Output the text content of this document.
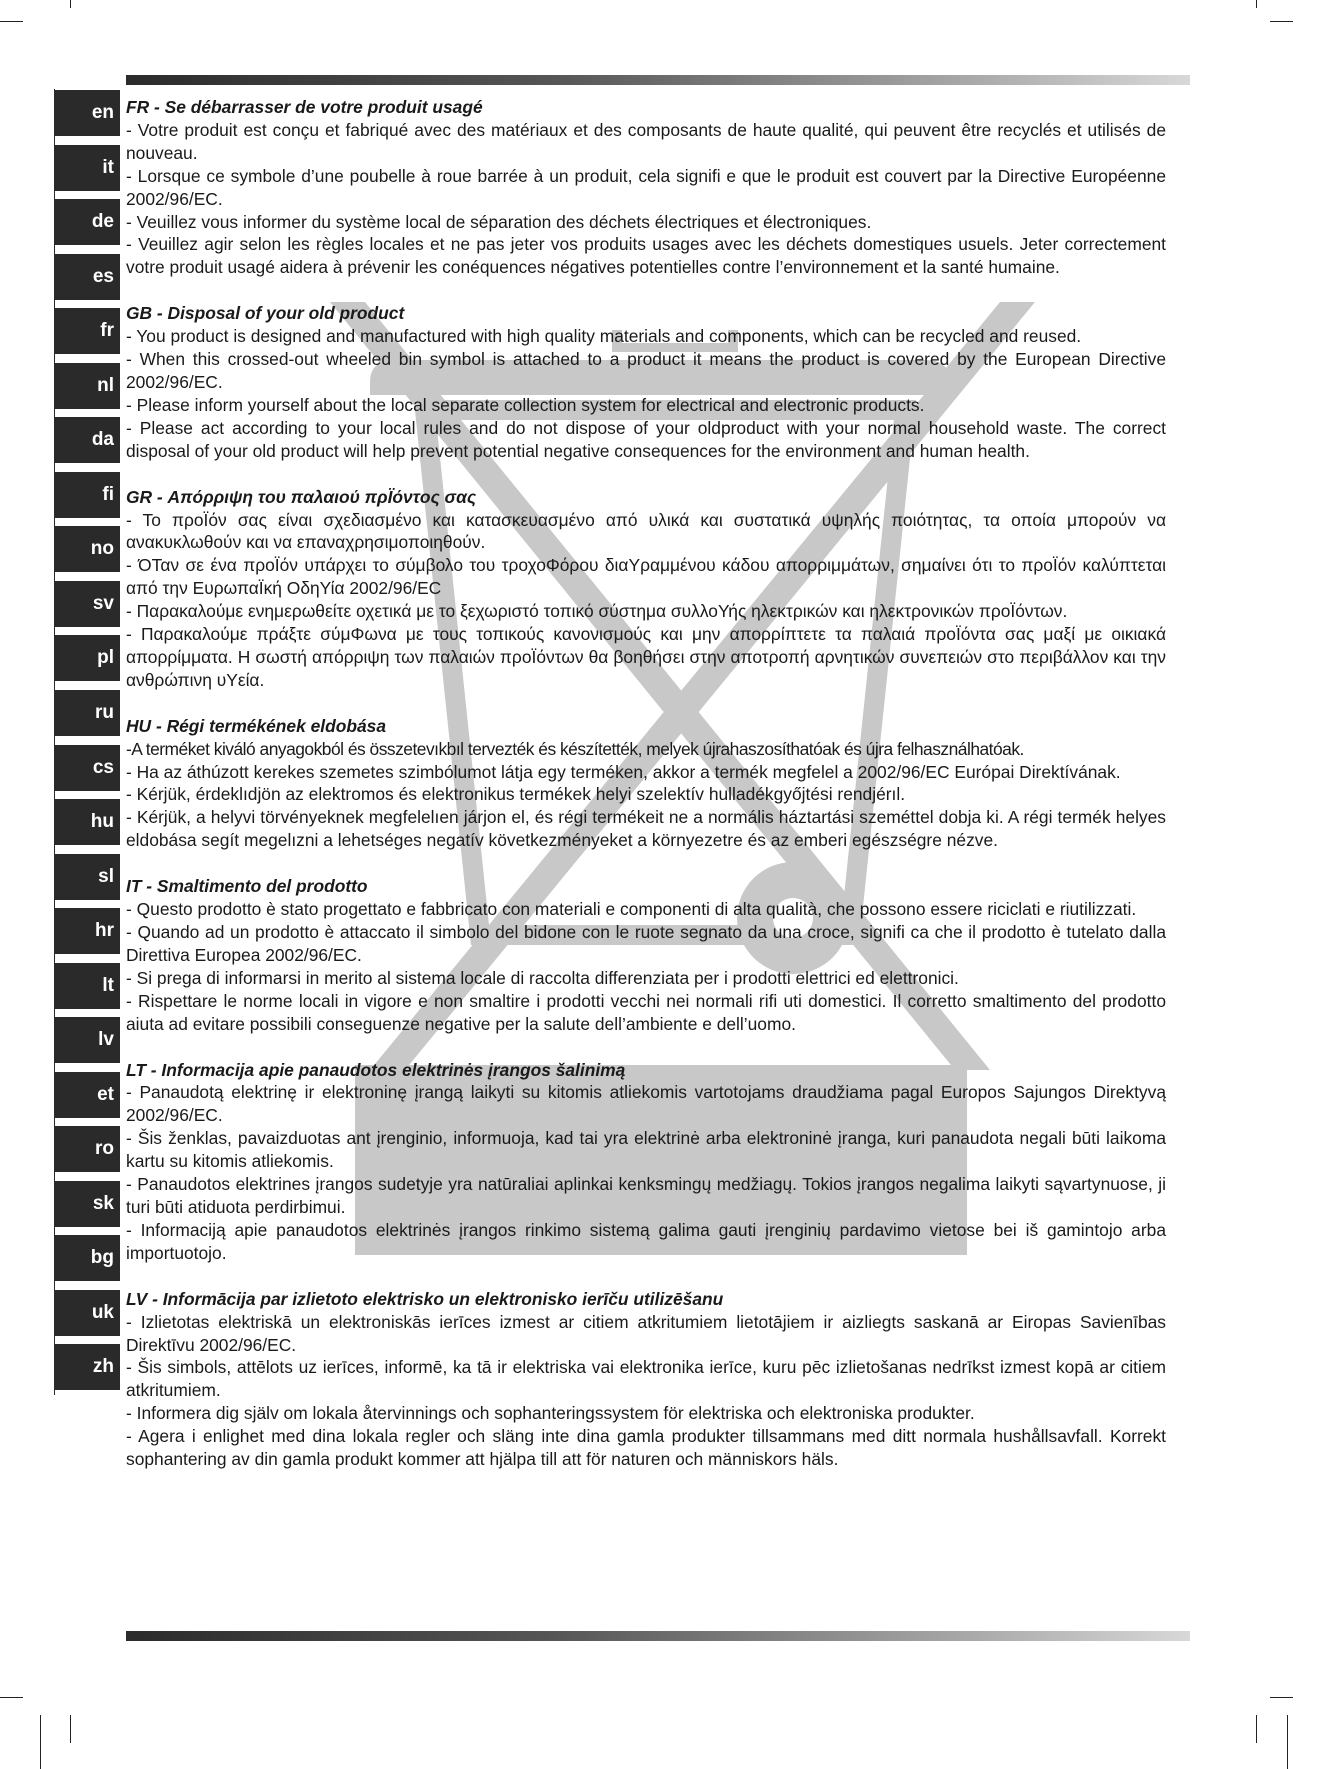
en
it
de
es
fr
nl
da
fi
no
sv
pl
ru
cs
hu
sl
hr
lt
lv
et
ro
sk
bg
uk
zh
FR - Se débarrasser de votre produit usagé

- Votre produit est conçu et fabriqué avec des matériaux et des composants de haute qualité, qui peuvent être recyclés et utilisés de nouveau.

- Lorsque ce symbole d’une poubelle à roue barrée à un produit, cela signifi e que le produit est couvert par la Directive Européenne 2002/96/EC.

- Veuillez vous informer du système local de séparation des déchets électriques et électroniques.

- Veuillez agir selon les règles locales et ne pas jeter vos produits usages avec les déchets domestiques usuels. Jeter correctement votre produit usagé aidera à prévenir les conéquences négatives potentielles contre l’environnement et la santé humaine.

GB - Disposal of your old product

- You product is designed and manufactured with high quality materials and components, which can be recycled and reused.

- When this crossed-out wheeled bin symbol is attached to a product it means the product is covered by the European Directive 2002/96/EC.

- Please inform yourself about the local separate collection system for electrical and electronic products.

- Please act according to your local rules and do not dispose of your oldproduct with your normal household waste. The correct disposal of your old product will help prevent potential negative consequences for the environment and human health.

GR - Απόρριψη του παλαιού πρΪόντος σας

- Το προΪόν σας είναι σχεδιασμένο και κατασκευασμένο από υλικά και συστατικά υψηλής ποιότητας, τα οποία μπορούν να ανακυκλωθούν και να επαναχρησιμοποιηθούν.

- ΌΤαν σε ένα προΪόν υπάρχει το σύμβολο του τροχοΦόρου διαΥραμμένου κάδου απορριμμάτων, σημαίνει ότι το προΪόν καλύπτεται από την ΕυρωπαΪκή ΟδηΥία 2002/96/ΕC

- Παρακαλούμε ενημερωθείτε οχετικά με το ξεχωριστό τοπικό σύστημα συλλοΥής ηλεκτρικών και ηλεκτρονικών προΪόντων.

- Παρακαλούμε πράξτε σύμΦωνα με τους τοπικούς κανονισμούς και μην απορρίπτετε τα παλαιά προΪόντα σας μαξί με οικιακά απορρίμματα. Η σωστή απόρριψη των παλαιών προΪόντων θα βοηθήσει στην αποτροπή αρνητικών συνεπειών στο περιβάλλον και την ανθρώπινη υΥεία.

HU - Régi termékének eldobása

-A terméket kiváló anyagokból és összetevıkbıl tervezték és készítették, melyek újrahaszosíthatóak és újra felhasználhatóak.

- Ha az áthúzott kerekes szemetes szimbólumot látja egy terméken, akkor a termék megfelel a 2002/96/EC Európai Direktívának.

- Kérjük, érdeklıdjön az elektromos és elektronikus termékek helyi szelektív hulladékgyőjtési rendjérıl.

- Kérjük, a helyvi törvényeknek megfelelıen járjon el, és régi termékeit ne a normális háztartási szeméttel dobja ki. A régi termék helyes eldobása segít megelızni a lehetséges negatív következményeket a környezetre és az emberi egészségre nézve.

IT - Smaltimento del prodotto

- Questo prodotto è stato progettato e fabbricato con materiali e componenti di alta qualità, che possono essere riciclati e riutilizzati.

- Quando ad un prodotto è attaccato il simbolo del bidone con le ruote segnato da una croce, signifi ca che il prodotto è tutelato dalla Direttiva Europea 2002/96/EC.

- Si prega di informarsi in merito al sistema locale di raccolta differenziata per i prodotti elettrici ed elettronici.

- Rispettare le norme locali in vigore e non smaltire i prodotti vecchi nei normali rifi uti domestici. Il corretto smaltimento del prodotto aiuta ad evitare possibili conseguenze negative per la salute dell’ambiente e dell’uomo.

LT - Informacija apie panaudotos elektrinės įrangos šalinimą

- Panaudotą elektrinę ir elektroninę įrangą laikyti su kitomis atliekomis vartotojams draudžiama pagal Europos Sajungos Direktyvą 2002/96/EC.

- Šis ženklas, pavaizduotas ant įrenginio, informuoja, kad tai yra elektrinė arba elektroninė įranga, kuri panaudota negali būti laikoma kartu su kitomis atliekomis.

- Panaudotos elektrines įrangos sudetyje yra natūraliai aplinkai kenksmingų medžiagų. Tokios įrangos negalima laikyti sąvartynuose, ji turi būti atiduota perdirbimui.

- Informaciją apie panaudotos elektrinės įrangos rinkimo sistemą galima gauti įrenginių pardavimo vietose bei iš gamintojo arba importuotojo.

LV - Informācija par izlietoto elektrisko un elektronisko ierīču utilizēšanu

- Izlietotas elektriskā un elektroniskās ierīces izmest ar citiem atkritumiem lietotājiem ir aizliegts saskanā ar Eiropas Savienības Direktīvu 2002/96/EC.

- Šis simbols, attēlots uz ierīces, informē, ka tā ir elektriska vai elektronika ierīce, kuru pēc izlietošanas nedrīkst izmest kopā ar citiem atkritumiem.

- Informera dig själv om lokala återvinnings och sophanteringssystem för elektriska och elektroniska produkter.

- Agera i enlighet med dina lokala regler och släng inte dina gamla produkter tillsammans med ditt normala hushållsavfall. Korrekt sophantering av din gamla produkt kommer att hjälpa till att för naturen och människors häls.
